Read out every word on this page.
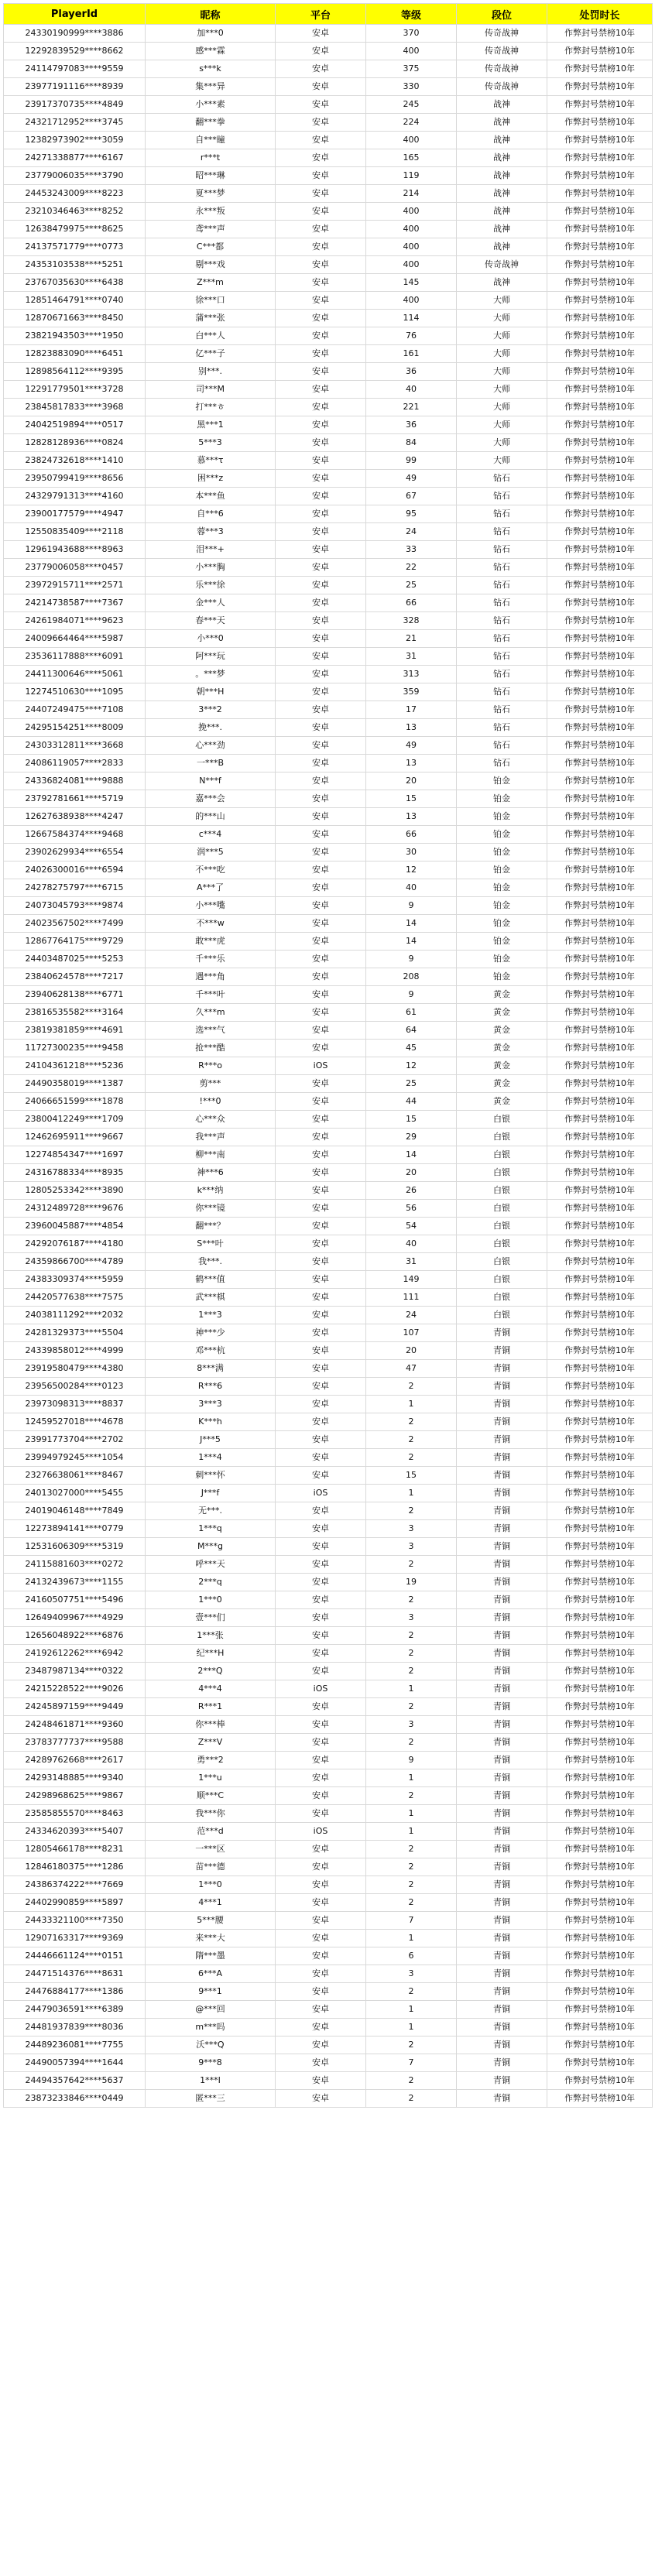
PlayerId	昵称	平台	等级	段位	处罚时长
24330190999****3886	加***0	安卓	370	传奇战神	作弊封号禁榜10年
12292839529****8662	感***霖	安卓	400	传奇战神	作弊封号禁榜10年
24114797083****9559	s***k	安卓	375	传奇战神	作弊封号禁榜10年
23977191116****8939	集***异	安卓	330	传奇战神	作弊封号禁榜10年
23917370735****4849	小***素	安卓	245	战神	作弊封号禁榜10年
24321712952****3745	翻***拳	安卓	224	战神	作弊封号禁榜10年
12382973902****3059	自***瞳	安卓	400	战神	作弊封号禁榜10年
24271338877****6167	r***t	安卓	165	战神	作弊封号禁榜10年
23779006035****3790	昭***琳	安卓	119	战神	作弊封号禁榜10年
24453243009****8223	夏***梦	安卓	214	战神	作弊封号禁榜10年
23210346463****8252	永***叛	安卓	400	战神	作弊封号禁榜10年
12638479975****8625	鸢***声	安卓	400	战神	作弊封号禁榜10年
24137571779****0773	C***都	安卓	400	战神	作弊封号禁榜10年
24353103538****5251	剔***戏	安卓	400	传奇战神	作弊封号禁榜10年
23767035630****6438	Z***m	安卓	145	战神	作弊封号禁榜10年
12851464791****0740	徐***口	安卓	400	大师	作弊封号禁榜10年
12870671663****8450	蒲***张	安卓	114	大师	作弊封号禁榜10年
23821943503****1950	白***人	安卓	76	大师	作弊封号禁榜10年
12823883090****6451	亿***子	安卓	161	大师	作弊封号禁榜10年
12898564112****9395	别***.	安卓	36	大师	作弊封号禁榜10年
12291779501****3728	司***M	安卓	40	大师	作弊封号禁榜10年
23845817833****3968	打***ㅎ	安卓	221	大师	作弊封号禁榜10年
24042519894****0517	黑***1	安卓	36	大师	作弊封号禁榜10年
12828128936****0824	5***3	安卓	84	大师	作弊封号禁榜10年
23824732618****1410	慕***τ	安卓	99	大师	作弊封号禁榜10年
23950799419****8656	困***z	安卓	49	钻石	作弊封号禁榜10年
24329791313****4160	本***鱼	安卓	67	钻石	作弊封号禁榜10年
23900177579****4947	自***6	安卓	95	钻石	作弊封号禁榜10年
12550835409****2118	蓉***3	安卓	24	钻石	作弊封号禁榜10年
12961943688****8963	泪***+	安卓	33	钻石	作弊封号禁榜10年
23779006058****0457	小***胸	安卓	22	钻石	作弊封号禁榜10年
23972915711****2571	乐***徐	安卓	25	钻石	作弊封号禁榜10年
24214738587****7367	金***人	安卓	66	钻石	作弊封号禁榜10年
24261984071****9623	春***天	安卓	328	钻石	作弊封号禁榜10年
24009664464****5987	小***0	安卓	21	钻石	作弊封号禁榜10年
23536117888****6091	阿***玩	安卓	31	钻石	作弊封号禁榜10年
24411300646****5061	。***梦	安卓	313	钻石	作弊封号禁榜10年
12274510630****1095	朝***H	安卓	359	钻石	作弊封号禁榜10年
24407249475****7108	3***2	安卓	17	钻石	作弊封号禁榜10年
24295154251****8009	挽***.	安卓	13	钻石	作弊封号禁榜10年
24303312811****3668	心***劲	安卓	49	钻石	作弊封号禁榜10年
24086119057****2833	一***B	安卓	13	钻石	作弊封号禁榜10年
24336824081****9888	N***f	安卓	20	铂金	作弊封号禁榜10年
23792781661****5719	嘉***会	安卓	15	铂金	作弊封号禁榜10年
12627638938****4247	的***山	安卓	13	铂金	作弊封号禁榜10年
12667584374****9468	c***4	安卓	66	铂金	作弊封号禁榜10年
23902629934****6554	润***5	安卓	30	铂金	作弊封号禁榜10年
24026300016****6594	不***吃	安卓	12	铂金	作弊封号禁榜10年
24278275797****6715	A***了	安卓	40	铂金	作弊封号禁榜10年
24073045793****9874	小***嘴	安卓	9	铂金	作弊封号禁榜10年
24023567502****7499	不***w	安卓	14	铂金	作弊封号禁榜10年
12867764175****9729	敢***虎	安卓	14	铂金	作弊封号禁榜10年
24403487025****5253	千***乐	安卓	9	铂金	作弊封号禁榜10年
23840624578****7217	遇***角	安卓	208	铂金	作弊封号禁榜10年
23940628138****6771	千***叶	安卓	9	黄金	作弊封号禁榜10年
23816535582****3164	久***m	安卓	61	黄金	作弊封号禁榜10年
23819381859****4691	选***气	安卓	64	黄金	作弊封号禁榜10年
11727300235****9458	抢***酷	安卓	45	黄金	作弊封号禁榜10年
24104361218****5236	R***o	iOS	12	黄金	作弊封号禁榜10年
24490358019****1387	剪***	安卓	25	黄金	作弊封号禁榜10年
24066651599****1878	!***0	安卓	44	黄金	作弊封号禁榜10年
23800412249****1709	心***众	安卓	15	白银	作弊封号禁榜10年
12462695911****9667	我***声	安卓	29	白银	作弊封号禁榜10年
12274854347****1697	柳***南	安卓	14	白银	作弊封号禁榜10年
24316788334****8935	神***6	安卓	20	白银	作弊封号禁榜10年
12805253342****3890	k***纳	安卓	26	白银	作弊封号禁榜10年
24312489728****9676	你***镜	安卓	56	白银	作弊封号禁榜10年
23960045887****4854	翻***？	安卓	54	白银	作弊封号禁榜10年
24292076187****4180	S***叶	安卓	40	白银	作弊封号禁榜10年
24359866700****4789	我***.	安卓	31	白银	作弊封号禁榜10年
24383309374****5959	鹤***值	安卓	149	白银	作弊封号禁榜10年
24420577638****7575	武***棋	安卓	111	白银	作弊封号禁榜10年
24038111292****2032	1***3	安卓	24	白银	作弊封号禁榜10年
24281329373****5504	神***少	安卓	107	青铜	作弊封号禁榜10年
24339858012****4999	邓***杭	安卓	20	青铜	作弊封号禁榜10年
23919580479****4380	8***满	安卓	47	青铜	作弊封号禁榜10年
23956500284****0123	R***6	安卓	2	青铜	作弊封号禁榜10年
23973098313****8837	3***3	安卓	1	青铜	作弊封号禁榜10年
12459527018****4678	K***h	安卓	2	青铜	作弊封号禁榜10年
23991773704****2702	J***5	安卓	2	青铜	作弊封号禁榜10年
23994979245****1054	1***4	安卓	2	青铜	作弊封号禁榜10年
23276638061****8467	刺***怀	安卓	15	青铜	作弊封号禁榜10年
24013027000****5455	J***f	iOS	1	青铜	作弊封号禁榜10年
24019046148****7849	无***.	安卓	2	青铜	作弊封号禁榜10年
12273894141****0779	1***q	安卓	3	青铜	作弊封号禁榜10年
12531606309****5319	M***g	安卓	3	青铜	作弊封号禁榜10年
24115881603****0272	呼***天	安卓	2	青铜	作弊封号禁榜10年
24132439673****1155	2***q	安卓	19	青铜	作弊封号禁榜10年
24160507751****5496	1***0	安卓	2	青铜	作弊封号禁榜10年
12649409967****4929	壹***们	安卓	3	青铜	作弊封号禁榜10年
12656048922****6876	1***张	安卓	2	青铜	作弊封号禁榜10年
24192612262****6942	纪***H	安卓	2	青铜	作弊封号禁榜10年
23487987134****0322	2***Q	安卓	2	青铜	作弊封号禁榜10年
24215228522****9026	4***4	iOS	1	青铜	作弊封号禁榜10年
24245897159****9449	R***1	安卓	2	青铜	作弊封号禁榜10年
24248461871****9360	你***棒	安卓	3	青铜	作弊封号禁榜10年
23783777737****9588	Z***V	安卓	2	青铜	作弊封号禁榜10年
24289762668****2617	勇***2	安卓	9	青铜	作弊封号禁榜10年
24293148885****9340	1***u	安卓	1	青铜	作弊封号禁榜10年
24298968625****9867	顺***C	安卓	2	青铜	作弊封号禁榜10年
23585855570****8463	我***你	安卓	1	青铜	作弊封号禁榜10年
24334620393****5407	范***d	iOS	1	青铜	作弊封号禁榜10年
12805466178****8231	一***区	安卓	2	青铜	作弊封号禁榜10年
12846180375****1286	苗***德	安卓	2	青铜	作弊封号禁榜10年
24386374222****7669	1***0	安卓	2	青铜	作弊封号禁榜10年
24402990859****5897	4***1	安卓	2	青铜	作弊封号禁榜10年
24433321100****7350	5***腰	安卓	7	青铜	作弊封号禁榜10年
12907163317****9369	来***大	安卓	1	青铜	作弊封号禁榜10年
24446661124****0151	隋***墨	安卓	6	青铜	作弊封号禁榜10年
24471514376****8631	6***A	安卓	3	青铜	作弊封号禁榜10年
24476884177****1386	9***1	安卓	2	青铜	作弊封号禁榜10年
24479036591****6389	@***回	安卓	1	青铜	作弊封号禁榜10年
24481937839****8036	m***吗	安卓	1	青铜	作弊封号禁榜10年
24489236081****7755	沃***Q	安卓	2	青铜	作弊封号禁榜10年
24490057394****1644	9***8	安卓	7	青铜	作弊封号禁榜10年
24494357642****5637	1***I	安卓	2	青铜	作弊封号禁榜10年
23873233846****0449	匿***三	安卓	2	青铜	作弊封号禁榜10年
